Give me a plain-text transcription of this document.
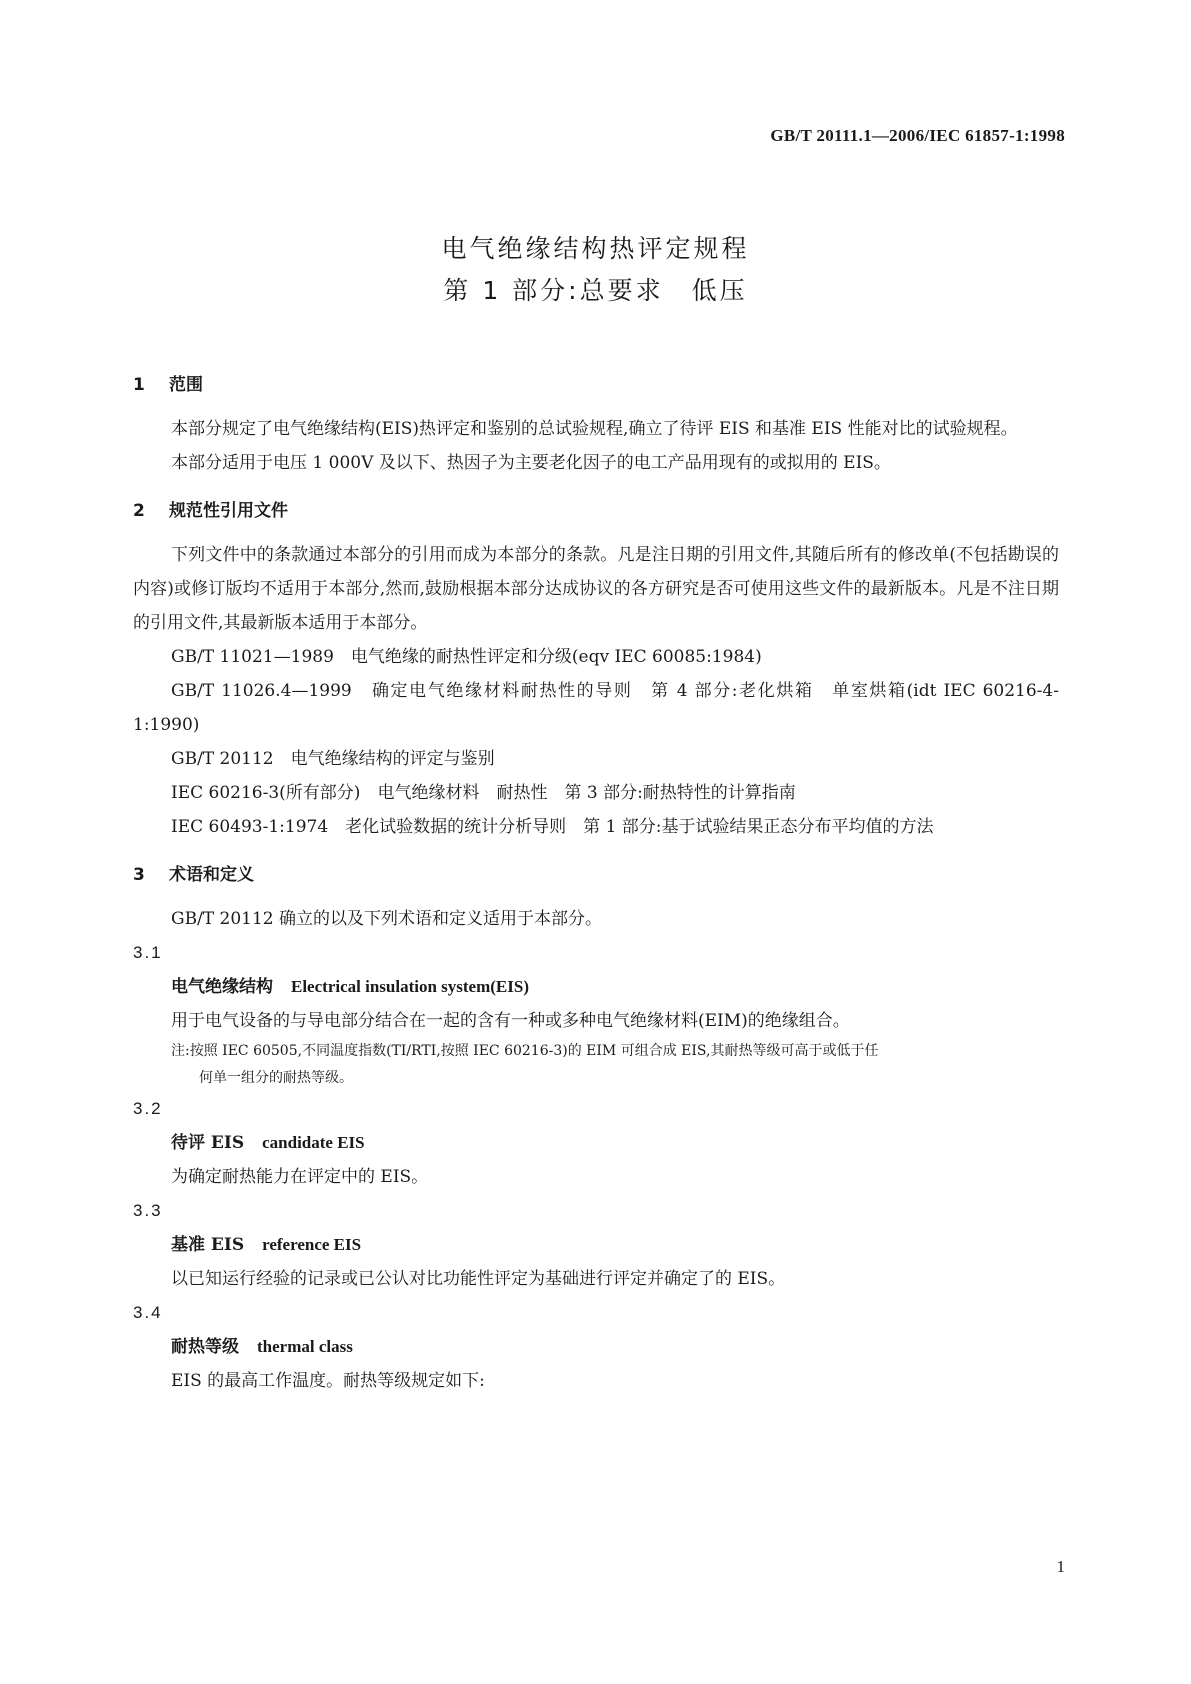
GB/T 20111.1—2006/IEC 61857-1:1998
电气绝缘结构热评定规程
第 1 部分:总要求　低压
1 范围

本部分规定了电气绝缘结构(EIS)热评定和鉴别的总试验规程,确立了待评 EIS 和基准 EIS 性能对比的试验规程。

本部分适用于电压 1 000V 及以下、热因子为主要老化因子的电工产品用现有的或拟用的 EIS。

2 规范性引用文件

下列文件中的条款通过本部分的引用而成为本部分的条款。凡是注日期的引用文件,其随后所有的修改单(不包括勘误的内容)或修订版均不适用于本部分,然而,鼓励根据本部分达成协议的各方研究是否可使用这些文件的最新版本。凡是不注日期的引用文件,其最新版本适用于本部分。

GB/T 11021—1989　电气绝缘的耐热性评定和分级(eqv IEC 60085:1984)

GB/T 11026.4—1999　确定电气绝缘材料耐热性的导则　第 4 部分:老化烘箱　单室烘箱(idt IEC 60216-4-1:1990)

GB/T 20112　电气绝缘结构的评定与鉴别

IEC 60216-3(所有部分)　电气绝缘材料　耐热性　第 3 部分:耐热特性的计算指南

IEC 60493-1:1974　老化试验数据的统计分析导则　第 1 部分:基于试验结果正态分布平均值的方法

3 术语和定义

GB/T 20112 确立的以及下列术语和定义适用于本部分。

3.1
电气绝缘结构 Electrical insulation system(EIS)
用于电气设备的与导电部分结合在一起的含有一种或多种电气绝缘材料(EIM)的绝缘组合。
注:按照 IEC 60505,不同温度指数(TI/RTI,按照 IEC 60216-3)的 EIM 可组合成 EIS,其耐热等级可高于或低于任
何单一组分的耐热等级。
3.2
待评 EIS candidate EIS
为确定耐热能力在评定中的 EIS。
3.3
基准 EIS reference EIS
以已知运行经验的记录或已公认对比功能性评定为基础进行评定并确定了的 EIS。
3.4
耐热等级 thermal class
EIS 的最高工作温度。耐热等级规定如下:
1
